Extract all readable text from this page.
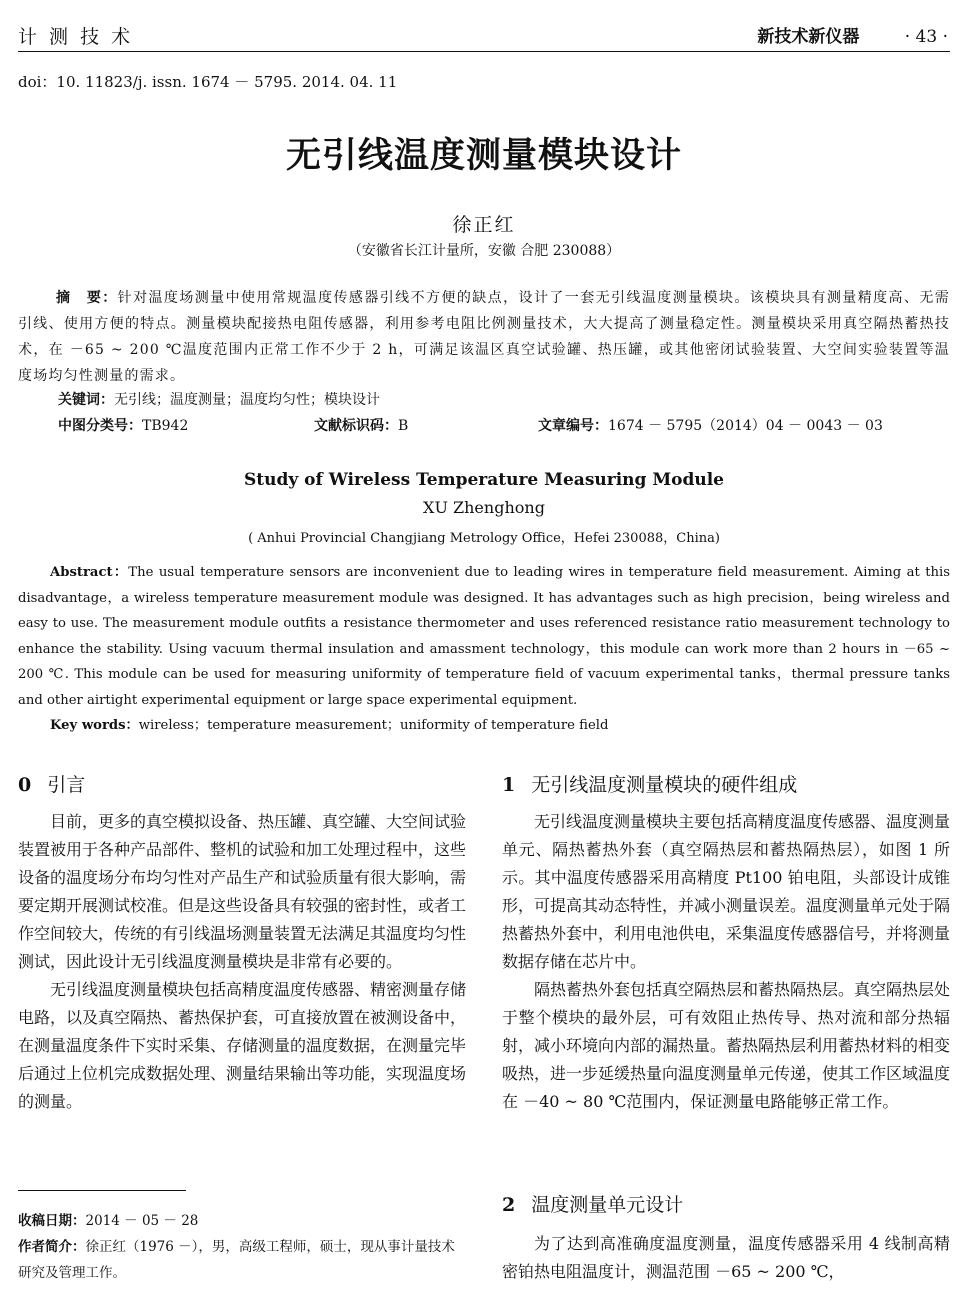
计 测 技 术	新技术新仪器	· 43 ·
doi：10. 11823/j. issn. 1674 － 5795. 2014. 04. 11
无引线温度测量模块设计
徐正红
（安徽省长江计量所，安徽 合肥 230088）
摘　要：针对温度场测量中使用常规温度传感器引线不方便的缺点，设计了一套无引线温度测量模块。该模块具有测量精度高、无需引线、使用方便的特点。测量模块配接热电阻传感器，利用参考电阻比例测量技术，大大提高了测量稳定性。测量模块采用真空隔热蓄热技术，在 －65 ~ 200 ℃温度范围内正常工作不少于 2 h，可满足该温区真空试验罐、热压罐，或其他密闭试验装置、大空间实验装置等温度场均匀性测量的需求。
关键词：无引线；温度测量；温度均匀性；模块设计
中图分类号：TB942	文献标识码：B	文章编号：1674 － 5795（2014）04 － 0043 － 03
Study of Wireless Temperature Measuring Module
XU Zhenghong
( Anhui Provincial Changjiang Metrology Office，Hefei 230088，China)
Abstract：The usual temperature sensors are inconvenient due to leading wires in temperature field measurement. Aiming at this disadvantage，a wireless temperature measurement module was designed. It has advantages such as high precision，being wireless and easy to use. The measurement module outfits a resistance thermometer and uses referenced resistance ratio measurement technology to enhance the stability. Using vacuum thermal insulation and amassment technology，this module can work more than 2 hours in －65 ~ 200 ℃. This module can be used for measuring uniformity of temperature field of vacuum experimental tanks，thermal pressure tanks and other airtight experimental equipment or large space experimental equipment.
Key words：wireless；temperature measurement；uniformity of temperature field
0 引言

目前，更多的真空模拟设备、热压罐、真空罐、大空间试验装置被用于各种产品部件、整机的试验和加工处理过程中，这些设备的温度场分布均匀性对产品生产和试验质量有很大影响，需要定期开展测试校准。但是这些设备具有较强的密封性，或者工作空间较大，传统的有引线温场测量装置无法满足其温度均匀性测试，因此设计无引线温度测量模块是非常有必要的。

无引线温度测量模块包括高精度温度传感器、精密测量存储电路，以及真空隔热、蓄热保护套，可直接放置在被测设备中，在测量温度条件下实时采集、存储测量的温度数据，在测量完毕后通过上位机完成数据处理、测量结果输出等功能，实现温度场的测量。

收稿日期：2014 － 05 － 28
作者简介：徐正红（1976 －），男，高级工程师，硕士，现从事计量技术研究及管理工作。
1 无引线温度测量模块的硬件组成

无引线温度测量模块主要包括高精度温度传感器、温度测量单元、隔热蓄热外套（真空隔热层和蓄热隔热层），如图 1 所示。其中温度传感器采用高精度 Pt100 铂电阻，头部设计成锥形，可提高其动态特性，并减小测量误差。温度测量单元处于隔热蓄热外套中，利用电池供电，采集温度传感器信号，并将测量数据存储在芯片中。

隔热蓄热外套包括真空隔热层和蓄热隔热层。真空隔热层处于整个模块的最外层，可有效阻止热传导、热对流和部分热辐射，减小环境向内部的漏热量。蓄热隔热层利用蓄热材料的相变吸热，进一步延缓热量向温度测量单元传递，使其工作区域温度在 －40 ~ 80 ℃范围内，保证测量电路能够正常工作。

2 温度测量单元设计

为了达到高准确度温度测量，温度传感器采用 4 线制高精密铂热电阻温度计，测温范围 －65 ~ 200 ℃，
